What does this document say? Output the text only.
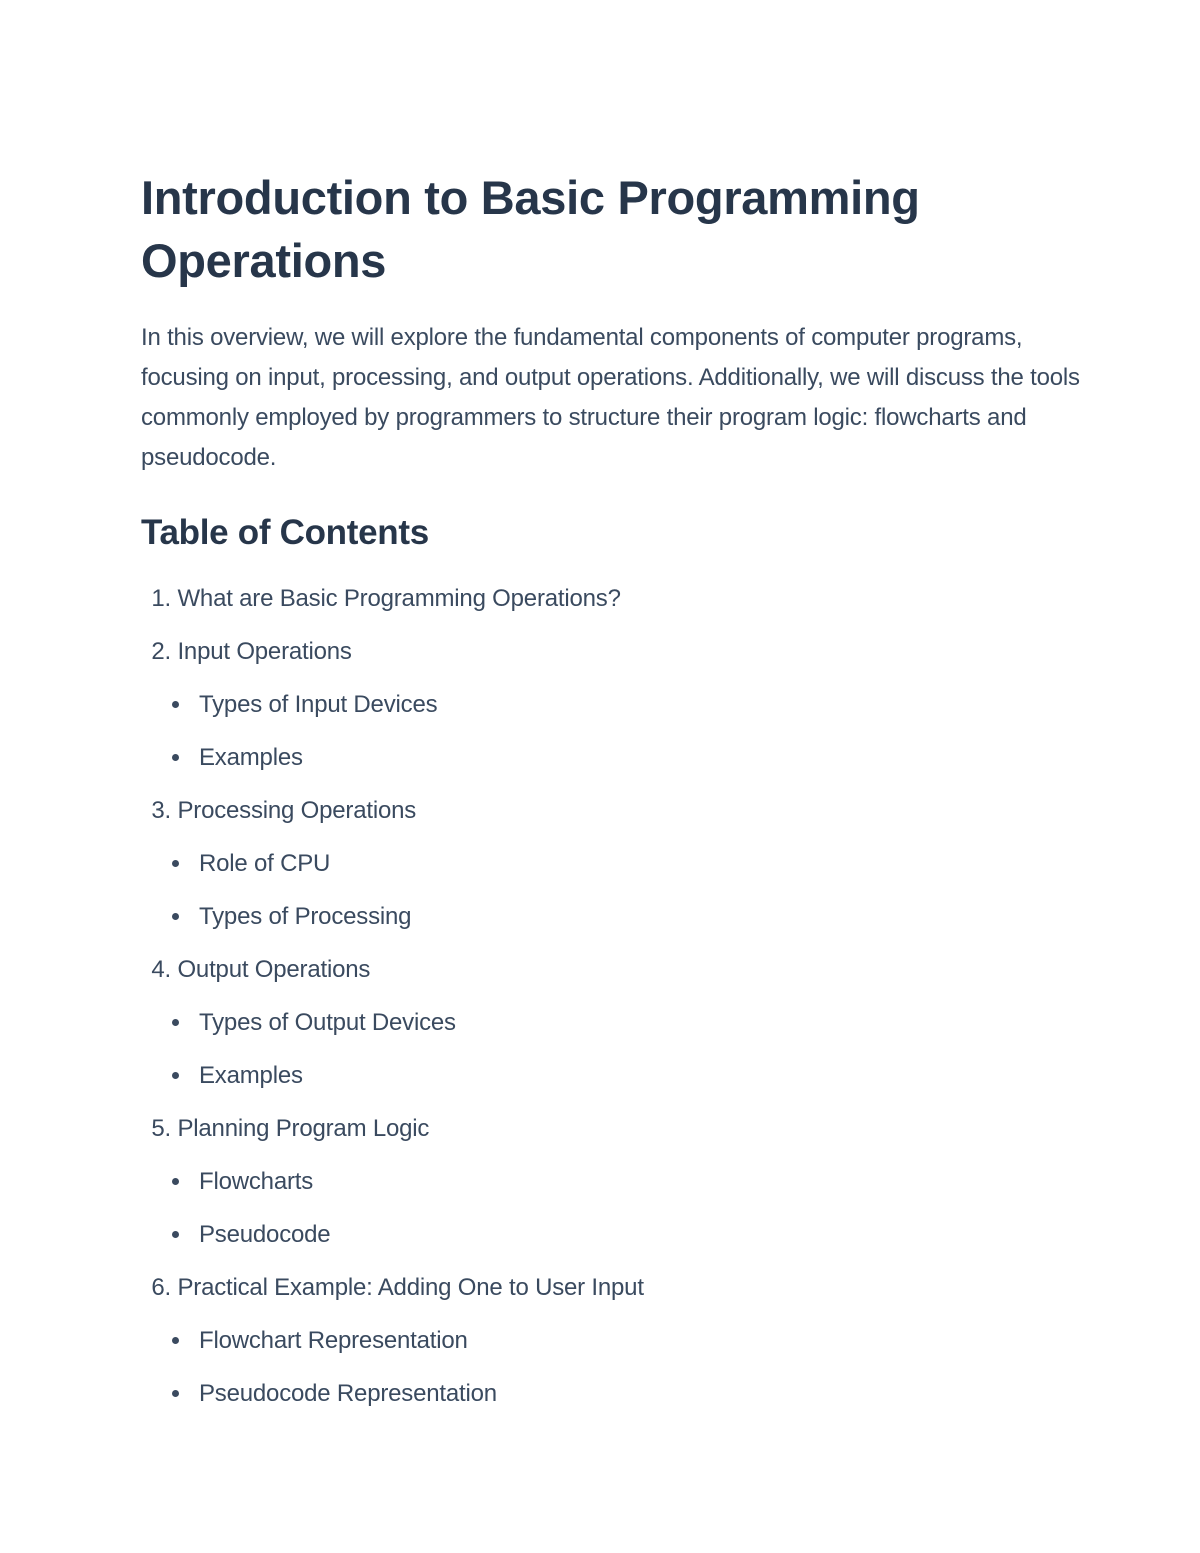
Introduction to Basic Programming Operations

In this overview, we will explore the fundamental components of computer programs, focusing on input, processing, and output operations. Additionally, we will discuss the tools commonly employed by programmers to structure their program logic: flowcharts and pseudocode.

Table of Contents
1. What are Basic Programming Operations?
2. Input Operations
Types of Input Devices
Examples
3. Processing Operations
Role of CPU
Types of Processing
4. Output Operations
Types of Output Devices
Examples
5. Planning Program Logic
Flowcharts
Pseudocode
6. Practical Example: Adding One to User Input
Flowchart Representation
Pseudocode Representation
